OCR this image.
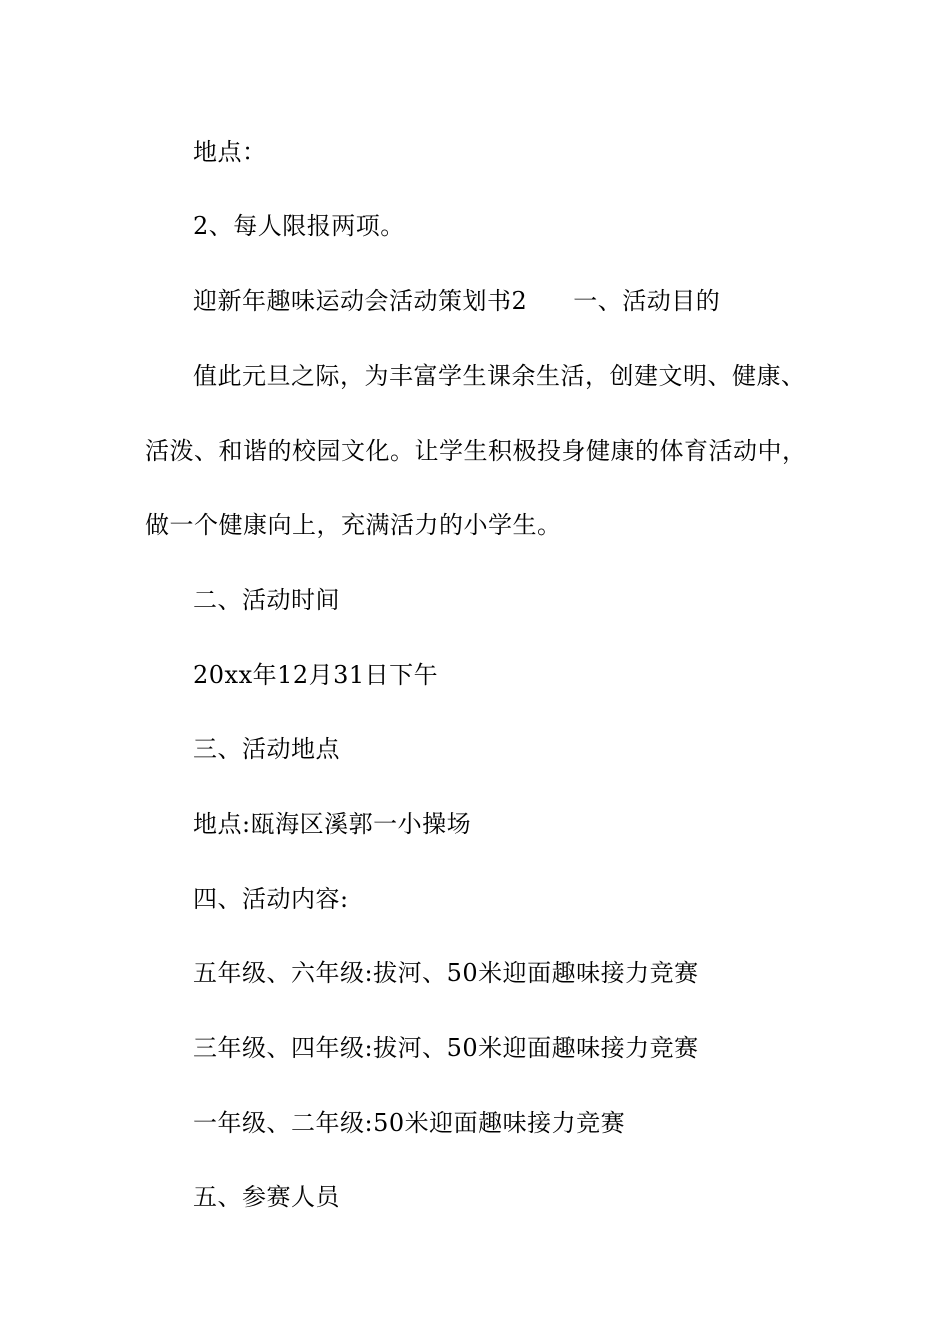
地点：
2、每人限报两项。
迎新年趣味运动会活动策划书2 一、活动目的
值此元旦之际，为丰富学生课余生活，创建文明、健康、
活泼、和谐的校园文化。让学生积极投身健康的体育活动中，
做一个健康向上，充满活力的小学生。
二、活动时间
20xx年12月31日下午
三、活动地点
地点:瓯海区溪郭一小操场
四、活动内容:
五年级、六年级:拔河、50米迎面趣味接力竞赛
三年级、四年级:拔河、50米迎面趣味接力竞赛
一年级、二年级:50米迎面趣味接力竞赛
五、参赛人员
